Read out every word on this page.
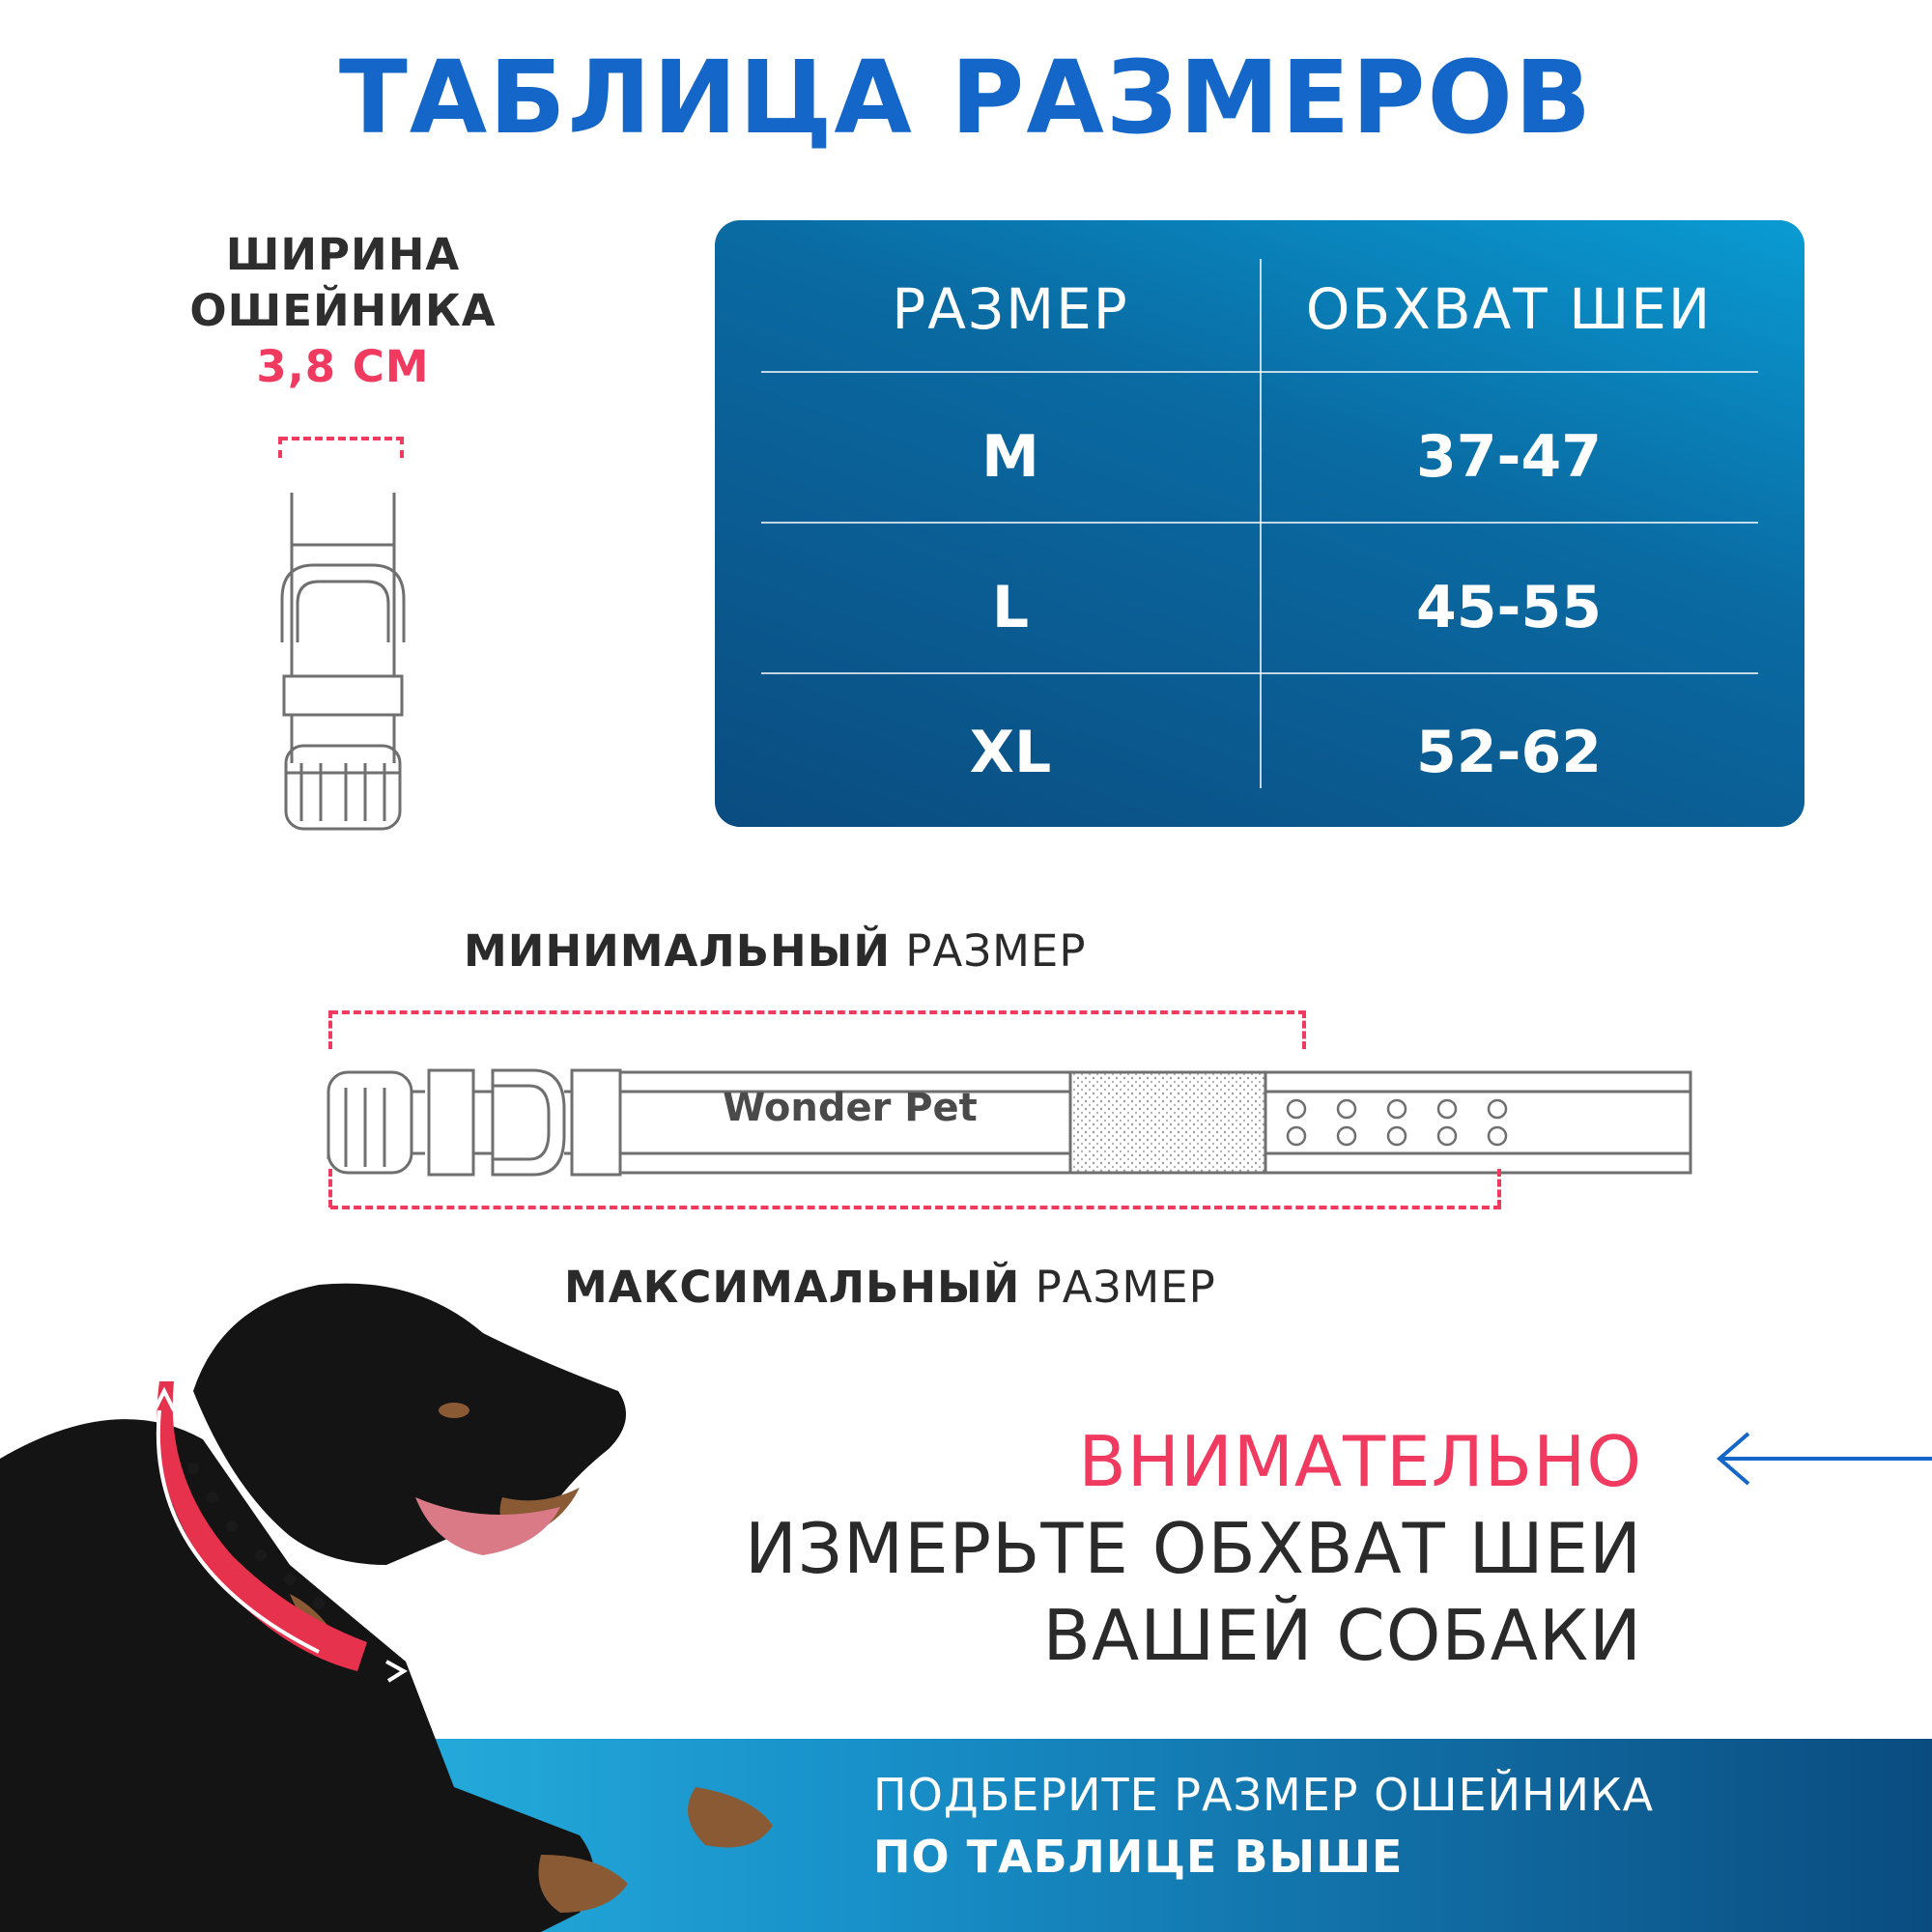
ТАБЛИЦА РАЗМЕРОВ
ШИРИНА
ОШЕЙНИКА
3,8 СМ
РАЗМЕР	ОБХВАТ ШЕИ
M	37-47
L	45-55
XL	52-62
МИНИМАЛЬНЫЙ РАЗМЕР
Wonder Pet
МАКСИМАЛЬНЫЙ РАЗМЕР
ПОДБЕРИТЕ РАЗМЕР ОШЕЙНИКА
ПО ТАБЛИЦЕ ВЫШЕ
ВНИМАТЕЛЬНО
ИЗМЕРЬТЕ ОБХВАТ ШЕИ
ВАШЕЙ СОБАКИ
